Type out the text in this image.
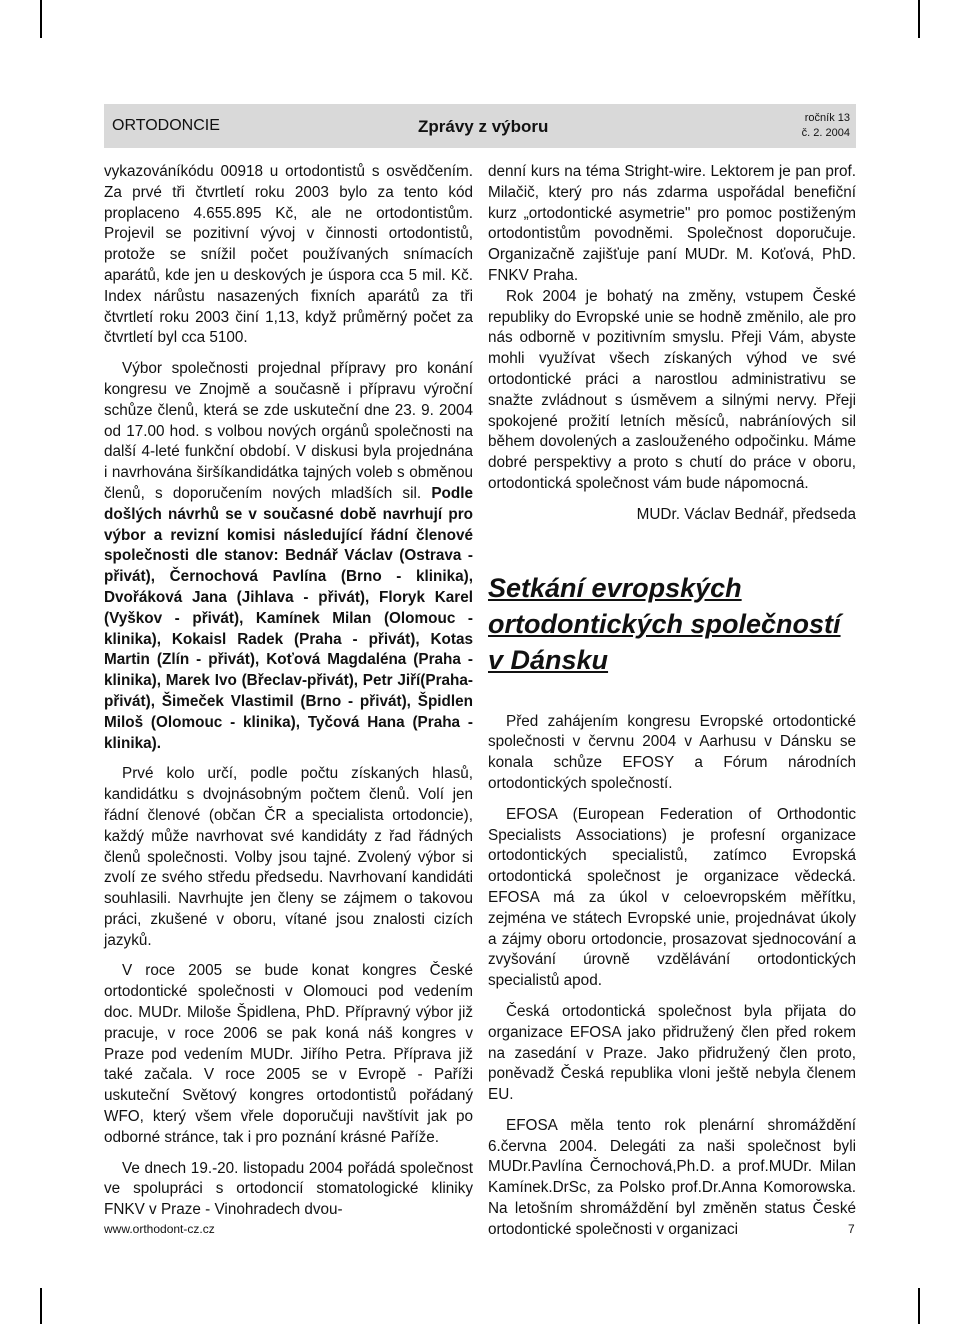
ORTODONCIE	Zprávy z výboru	ročník 13
č. 2. 2004

vykazováníkódu 00918 u ortodontistů s osvědčením. Za prvé tři čtvrtletí roku 2003 bylo za tento kód proplaceno 4.655.895 Kč, ale ne ortodontistům. Projevil se pozitivní vývoj v činnosti ortodontistů, protože se snížil počet používaných snímacích aparátů, kde jen u deskových je úspora cca 5 mil. Kč. Index nárůstu nasazených fixních aparátů za tři čtvrtletí roku 2003 činí 1,13, když průměrný počet za čtvrtletí byl cca 5100.

Výbor společnosti projednal přípravy pro konání kongresu ve Znojmě a současně i přípravu výroční schůze členů, která se zde uskuteční dne 23. 9. 2004 od 17.00 hod. s volbou nových orgánů společnosti na další 4-leté funkční období. V diskusi byla projednána i navrhována širšíkandidátka tajných voleb s obměnou členů, s doporučením nových mladších sil. Podle došlých návrhů se v současné době navrhují pro výbor a revizní komisi následující řádní členové společnosti dle stanov: Bednář Václav (Ostrava - přivát), Černochová Pavlína (Brno - klinika), Dvořáková Jana (Jihlava - přivát), Floryk Karel (Vyškov - přivát), Kamínek Milan (Olomouc - klinika), Kokaisl Radek (Praha - přivát), Kotas Martin (Zlín - přivát), Koťová Magdaléna (Praha - klinika), Marek Ivo (Břeclav-přivát), Petr Jiří(Praha- přivát), Šimeček Vlastimil (Brno - přivát), Špidlen Miloš (Olomouc - klinika), Tyčová Hana (Praha - klinika).

Prvé kolo určí, podle počtu získaných hlasů, kandidátku s dvojnásobným počtem členů. Volí jen řádní členové (občan ČR a specialista ortodoncie), každý může navrhovat své kandidáty z řad řádných členů společnosti. Volby jsou tajné. Zvolený výbor si zvolí ze svého středu předsedu. Navrhovaní kandidáti souhlasili. Navrhujte jen členy se zájmem o takovou práci, zkušené v oboru, vítané jsou znalosti cizích jazyků.

V roce 2005 se bude konat kongres České ortodontické společnosti v Olomouci pod vedením doc. MUDr. Miloše Špidlena, PhD. Přípravný výbor již pracuje, v roce 2006 se pak koná náš kongres v Praze pod vedením MUDr. Jiřího Petra. Příprava již také začala. V roce 2005 se v Evropě - Paříži uskuteční Světový kongres ortodontistů pořádaný WFO, který všem vřele doporučuji navštívit jak po odborné stránce, tak i pro poznání krásné Paříže.

Ve dnech 19.-20. listopadu 2004 pořádá společnost ve spolupráci s ortodoncií stomatologické kliniky FNKV v Praze - Vinohradech dvou-

denní kurs na téma Stright-wire. Lektorem je pan prof. Milačič, který pro nás zdarma uspořádal benefiční kurz „ortodontické asymetrie" pro pomoc postiženým ortodontistům povodněmi. Společnost doporučuje. Organizačně zajišťuje paní MUDr. M. Koťová, PhD. FNKV Praha.

Rok 2004 je bohatý na změny, vstupem České republiky do Evropské unie se hodně změnilo, ale pro nás odborně v pozitivním smyslu. Přeji Vám, abyste mohli využívat všech získaných výhod ve své ortodontické práci a narostlou administrativu se snažte zvládnout s úsměvem a silnými nervy. Přeji spokojené prožití letních měsíců, nabráníových sil během dovolených a zaslouženého odpočinku. Máme dobré perspektivy a proto s chutí do práce v oboru, ortodontická společnost vám bude nápomocná.

MUDr. Václav Bednář, předseda

Setkání evropských ortodontických společností v Dánsku

Před zahájením kongresu Evropské ortodontické společnosti v červnu 2004 v Aarhusu v Dánsku se konala schůze EFOSY a Fórum národních ortodontických společností.

EFOSA (European Federation of Orthodontic Specialists Associations) je profesní organizace ortodontických specialistů, zatímco Evropská ortodontická společnost je organizace vědecká. EFOSA má za úkol v celoevropském měřítku, zejména ve státech Evropské unie, projednávat úkoly a zájmy oboru ortodoncie, prosazovat sjednocování a zvyšování úrovně vzdělávání ortodontických specialistů apod.

Česká ortodontická společnost byla přijata do organizace EFOSA jako přidružený člen před rokem na zasedání v Praze. Jako přidružený člen proto, poněvadž Česká republika vloni ještě nebyla členem EU.

EFOSA měla tento rok plenární shromáždění 6.června 2004. Delegáti za naši společnost byli MUDr.Pavlína Černochová,Ph.D. a prof.MUDr. Milan Kamínek.DrSc, za Polsko prof.Dr.Anna Komorowska. Na letošním shromáždění byl změněn status České ortodontické společnosti v organizaci

www.orthodont-cz.cz	7
